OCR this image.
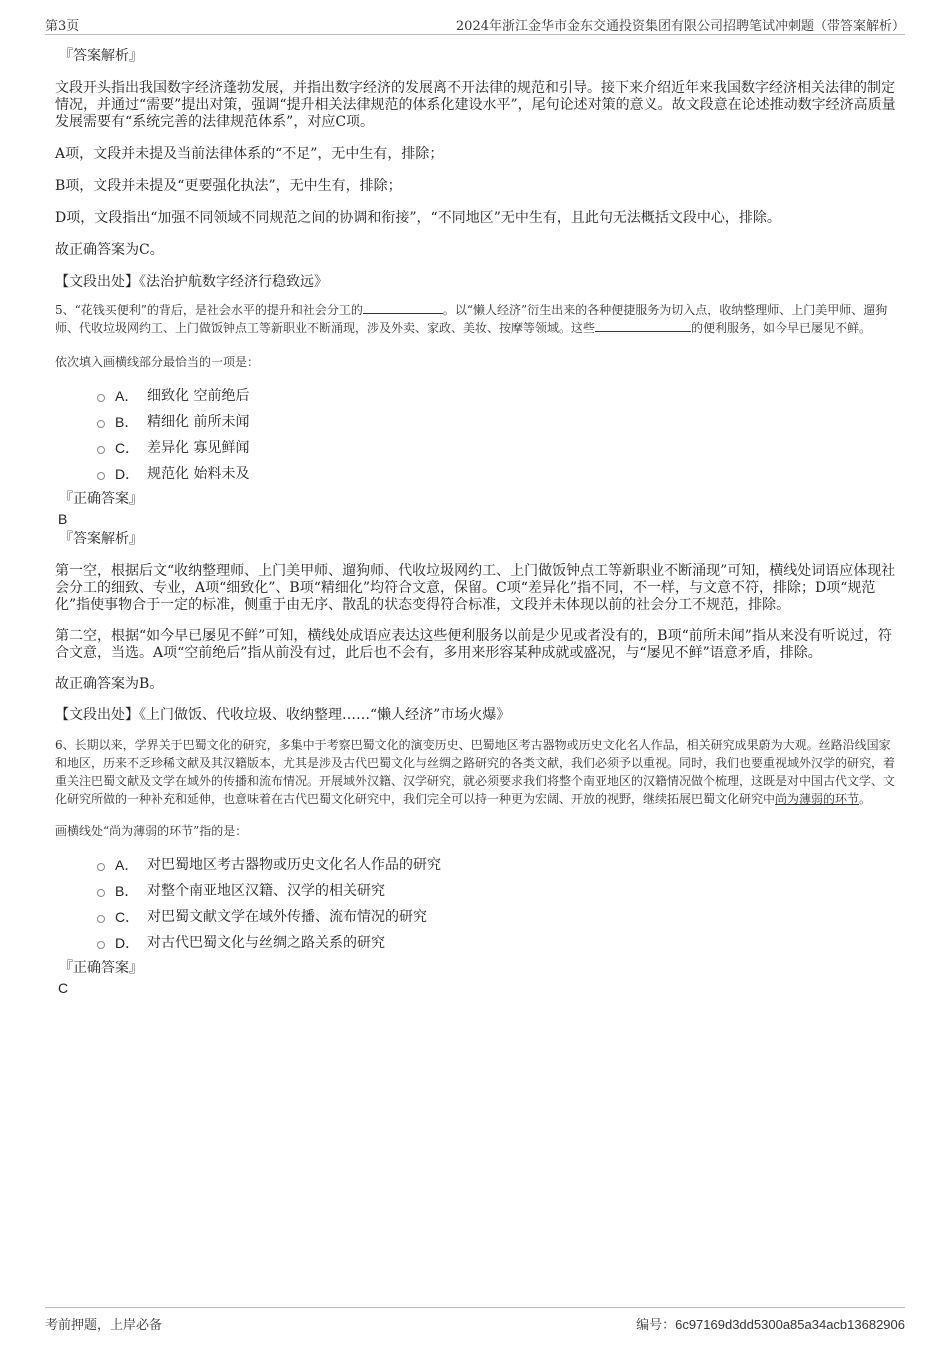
第3页	2024年浙江金华市金东交通投资集团有限公司招聘笔试冲刺题（带答案解析）
『答案解析』

文段开头指出我国数字经济蓬勃发展，并指出数字经济的发展离不开法律的规范和引导。接下来介绍近年来我国数字经济相关法律的制定情况，并通过“需要”提出对策，强调“提升相关法律规范的体系化建设水平”，尾句论述对策的意义。故文段意在论述推动数字经济高质量发展需要有“系统完善的法律规范体系”，对应C项。

A项，文段并未提及当前法律体系的“不足”，无中生有，排除；

B项，文段并未提及“更要强化执法”，无中生有，排除；

D项，文段指出“加强不同领域不同规范之间的协调和衔接”，“不同地区”无中生有，且此句无法概括文段中心，排除。

故正确答案为C。

【文段出处】《法治护航数字经济行稳致远》

5、“花钱买便利”的背后，是社会水平的提升和社会分工的	。以“懒人经济”衍生出来的各种便捷服务为切入点，收纳整理师、上门美甲师、遛狗师、代收垃圾网约工、上门做饭钟点工等新职业不断涌现，涉及外卖、家政、美妆、按摩等领域。这些	的便利服务，如今早已屡见不鲜。

依次填入画横线部分最恰当的一项是：

A． 细致化 空前绝后
B． 精细化 前所未闻
C． 差异化 寡见鲜闻
D． 规范化 始料未及
『正确答案』
B
『答案解析』

第一空，根据后文“收纳整理师、上门美甲师、遛狗师、代收垃圾网约工、上门做饭钟点工等新职业不断涌现”可知，横线处词语应体现社会分工的细致、专业，A项“细致化”、B项“精细化”均符合文意，保留。C项“差异化”指不同，不一样，与文意不符，排除；D项“规范化”指使事物合于一定的标准，侧重于由无序、散乱的状态变得符合标准，文段并未体现以前的社会分工不规范，排除。

第二空，根据“如今早已屡见不鲜”可知，横线处成语应表达这些便利服务以前是少见或者没有的，B项“前所未闻”指从来没有听说过，符合文意，当选。A项“空前绝后”指从前没有过，此后也不会有，多用来形容某种成就或盛况，与“屡见不鲜”语意矛盾，排除。

故正确答案为B。

【文段出处】《上门做饭、代收垃圾、收纳整理……“懒人经济”市场火爆》

6、长期以来，学界关于巴蜀文化的研究，多集中于考察巴蜀文化的演变历史、巴蜀地区考古器物或历史文化名人作品，相关研究成果蔚为大观。丝路沿线国家和地区，历来不乏珍稀文献及其汉籍版本，尤其是涉及古代巴蜀文化与丝绸之路研究的各类文献，我们必须予以重视。同时，我们也要重视域外汉学的研究，着重关注巴蜀文献及文学在域外的传播和流布情况。开展域外汉籍、汉学研究，就必须要求我们将整个南亚地区的汉籍情况做个梳理，这既是对中国古代文学、文化研究所做的一种补充和延伸，也意味着在古代巴蜀文化研究中，我们完全可以持一种更为宏阔、开放的视野，继续拓展巴蜀文化研究中尚为薄弱的环节。

画横线处“尚为薄弱的环节”指的是：

A． 对巴蜀地区考古器物或历史文化名人作品的研究
B． 对整个南亚地区汉籍、汉学的相关研究
C． 对巴蜀文献文学在域外传播、流布情况的研究
D． 对古代巴蜀文化与丝绸之路关系的研究
『正确答案』
C
考前押题，上岸必备	编号：6c97169d3dd5300a85a34acb13682906
